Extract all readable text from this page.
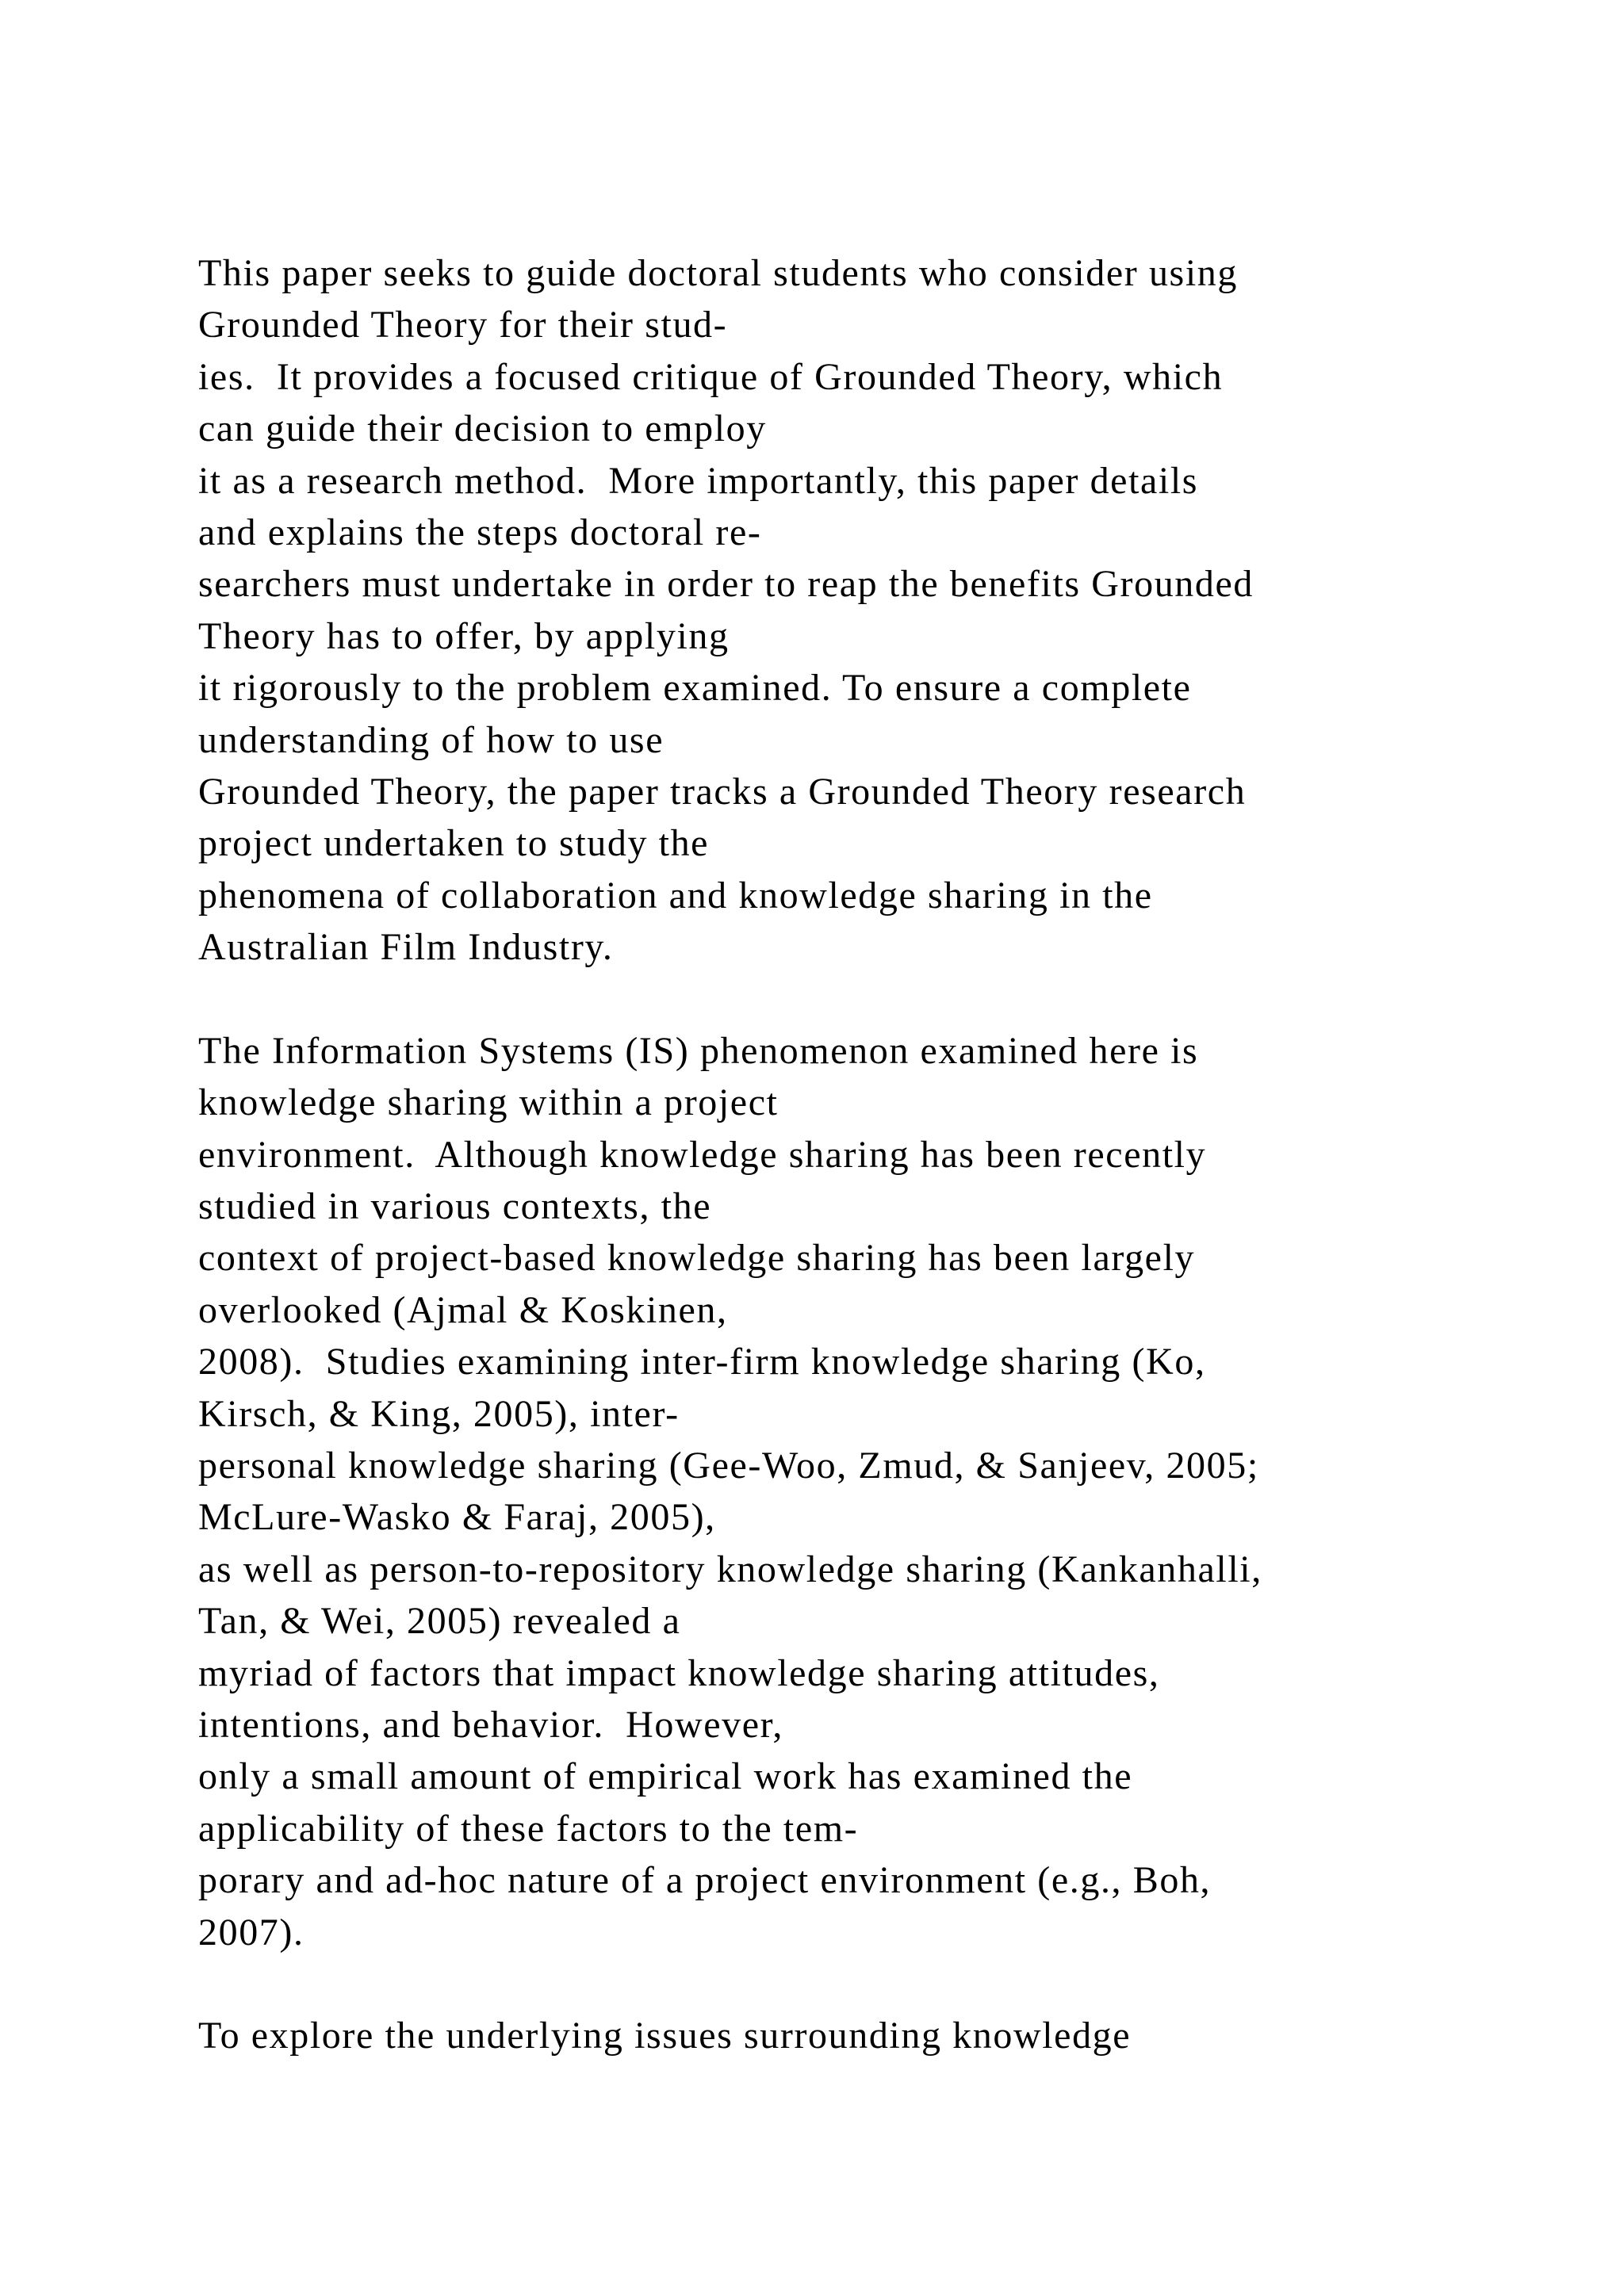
This paper seeks to guide doctoral students who consider using
Grounded Theory for their stud-
ies.  It provides a focused critique of Grounded Theory, which
can guide their decision to employ
it as a research method.  More importantly, this paper details
and explains the steps doctoral re-
searchers must undertake in order to reap the benefits Grounded
Theory has to offer, by applying
it rigorously to the problem examined. To ensure a complete
understanding of how to use
Grounded Theory, the paper tracks a Grounded Theory research
project undertaken to study the
phenomena of collaboration and knowledge sharing in the
Australian Film Industry.
The Information Systems (IS) phenomenon examined here is
knowledge sharing within a project
environment.  Although knowledge sharing has been recently
studied in various contexts, the
context of project-based knowledge sharing has been largely
overlooked (Ajmal & Koskinen,
2008).  Studies examining inter-firm knowledge sharing (Ko,
Kirsch, & King, 2005), inter-
personal knowledge sharing (Gee-Woo, Zmud, & Sanjeev, 2005;
McLure-Wasko & Faraj, 2005),
as well as person-to-repository knowledge sharing (Kankanhalli,
Tan, & Wei, 2005) revealed a
myriad of factors that impact knowledge sharing attitudes,
intentions, and behavior.  However,
only a small amount of empirical work has examined the
applicability of these factors to the tem-
porary and ad-hoc nature of a project environment (e.g., Boh,
2007).
To explore the underlying issues surrounding knowledge
